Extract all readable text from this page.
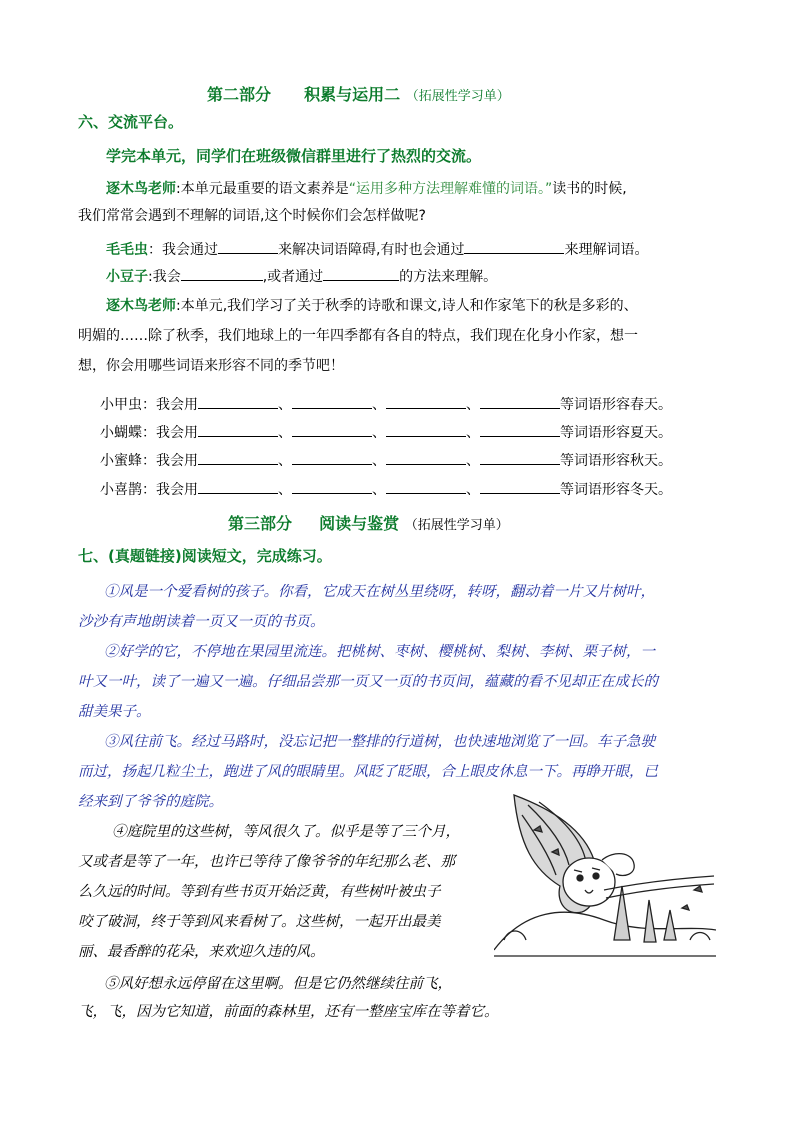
第二部分 积累与运用二 （拓展性学习单）
六、交流平台。
学完本单元，同学们在班级微信群里进行了热烈的交流。
逐木鸟老师:本单元最重要的语文素养是“运用多种方法理解难懂的词语。”读书的时候,
我们常常会遇到不理解的词语,这个时候你们会怎样做呢?
毛毛虫：我会通过	来解决词语障碍,有时也会通过	来理解词语。
小豆子:我会	,或者通过	的方法来理解。
逐木鸟老师:本单元,我们学习了关于秋季的诗歌和课文,诗人和作家笔下的秋是多彩的、
明媚的……除了秋季，我们地球上的一年四季都有各自的特点，我们现在化身小作家，想一
想，你会用哪些词语来形容不同的季节吧！
小甲虫：我会用	、	、	、	等词语形容春天。
小蝴蝶：我会用	、	、	、	等词语形容夏天。
小蜜蜂：我会用	、	、	、	等词语形容秋天。
小喜鹊：我会用	、	、	、	等词语形容冬天。
第三部分 阅读与鉴赏 （拓展性学习单）
七、(真题链接)阅读短文，完成练习。
①风是一个爱看树的孩子。你看，它成天在树丛里绕呀，转呀，翻动着一片又片树叶，
沙沙有声地朗读着一页又一页的书页。
②好学的它，不停地在果园里流连。把桃树、枣树、樱桃树、梨树、李树、栗子树，一
叶又一叶，读了一遍又一遍。仔细品尝那一页又一页的书页间，蕴藏的看不见却正在成长的
甜美果子。
③风往前飞。经过马路时，没忘记把一整排的行道树，也快速地浏览了一回。车子急驶
而过，扬起几粒尘土，跑进了风的眼睛里。风眨了眨眼，合上眼皮休息一下。再睁开眼，已
经来到了爷爷的庭院。
④庭院里的这些树，等风很久了。似乎是等了三个月，
又或者是等了一年，也许已等待了像爷爷的年纪那么老、那
么久远的时间。等到有些书页开始泛黄，有些树叶被虫子
咬了破洞，终于等到风来看树了。这些树，一起开出最美
丽、最香醉的花朵，来欢迎久违的风。
⑤风好想永远停留在这里啊。但是它仍然继续往前飞，
飞，飞，因为它知道，前面的森林里，还有一整座宝库在等着它。
